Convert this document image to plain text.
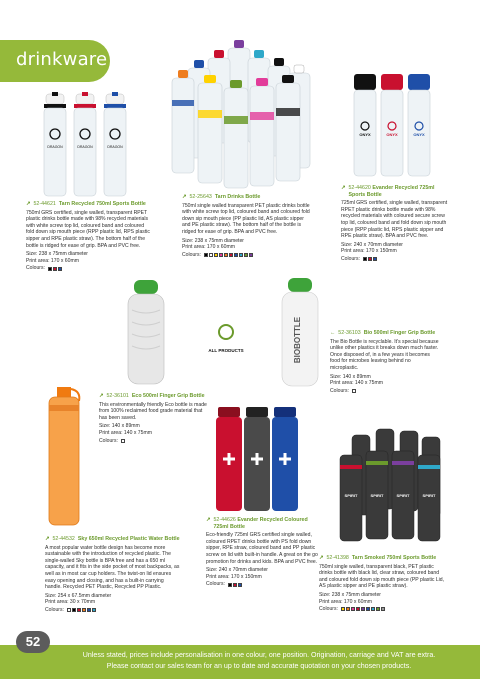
drinkware
DRAGON	DRAGON	DRAGON
ONYX	ONYX	ONYX
ALL PRODUCTS	BIOBOTTLE
SPIRIT	SPIRIT	SPIRIT	SPIRIT
↗ 52-44621 Tarn Recycled 750ml Sports Bottle

750ml GRS certified, single walled, transparent RPET plastic drinks bottle made with 98% recycled materials with white screw top lid, coloured band and coloured fold down sip mouth piece (RPP plastic lid, RPS plastic sipper and RPE plastic straw). The bottom half of the bottle is ridged for ease of grip. BPA and PVC free.

Size: 238 x 75mm diameter
Print area: 170 x 60mm
Colours:
↗ 52-25643 Tarn Drinks Bottle

750ml single walled transparent PET plastic drinks bottle with white screw top lid, coloured band and coloured fold down sip mouth piece (PP plastic lid, AS plastic sipper and PE plastic straw). The bottom half of the bottle is ridged for ease of grip. BPA and PVC free.

Size: 238 x 75mm diameter
Print area: 170 x 60mm
Colours:
↗ 52-44620 Evander Recycled 725ml Sports Bottle

725ml GRS certified, single walled, transparent RPET plastic drinks bottle made with 98% recycled materials with coloured secure screw top lid, coloured band and fold down sip mouth piece (RPP plastic lid, RPS plastic sipper and RPE plastic straw). BPA and PVC free.

Size: 240 x 70mm diameter
Print area: 170 x 150mm
Colours:
← 52-36103 Bio 500ml Finger Grip Bottle

The Bio Bottle is recyclable. It's special because unlike other plastics it breaks down much faster. Once disposed of, in a few years it becomes food for microbes leaving behind no microplastic.

Size: 140 x 89mm
Print area: 140 x 75mm
Colours:
↗ 52-36101 Eco 500ml Finger Grip Bottle

This environmentally friendly Eco bottle is made from 100% reclaimed food grade material that has been saved.

Size: 140 x 89mm
Print area: 140 x 75mm
Colours:
↗ 52-44532 Sky 650ml Recycled Plastic Water Bottle

A most popular water bottle design has become more sustainable with the introduction of recycled plastic. The single-walled Sky bottle is BPA free and has a 650 ml capacity, and it fits in the side pocket of most backpacks, as well as in most car cup holders. The twist-on lid ensures easy opening and closing, and has a built-in carrying handle. Recycled PET Plastic, Recycled PP Plastic.

Size: 254 x 67.5mm diameter
Print area: 30 x 70mm
Colours:
↗ 52-44626 Evander Recycled Coloured 725ml Bottle

Eco-friendly 725ml GRS certified single walled, coloured RPET drinks bottle with PS fold down sipper, RPE straw, coloured band and PP plastic screw on lid with built-in handle. A great on the go promotion for drinks and kids. BPA and PVC free.

Size: 240 x 70mm diameter
Print area: 170 x 150mm
Colours:
↗ 52-41398 Tarn Smoked 750ml Sports Bottle

750ml single walled, transparent black, PET plastic drinks bottle with black lid, clear straw, coloured band and coloured fold down sip mouth piece (PP plastic Lid, AS plastic sipper and PE plastic straw).

Size: 238 x 75mm diameter
Print area: 170 x 60mm
Colours:
Unless stated, prices include personalisation in one colour, one position. Origination, carriage and VAT are extra.
Please contact our sales team for an up to date and accurate quotation on your chosen products.
52
